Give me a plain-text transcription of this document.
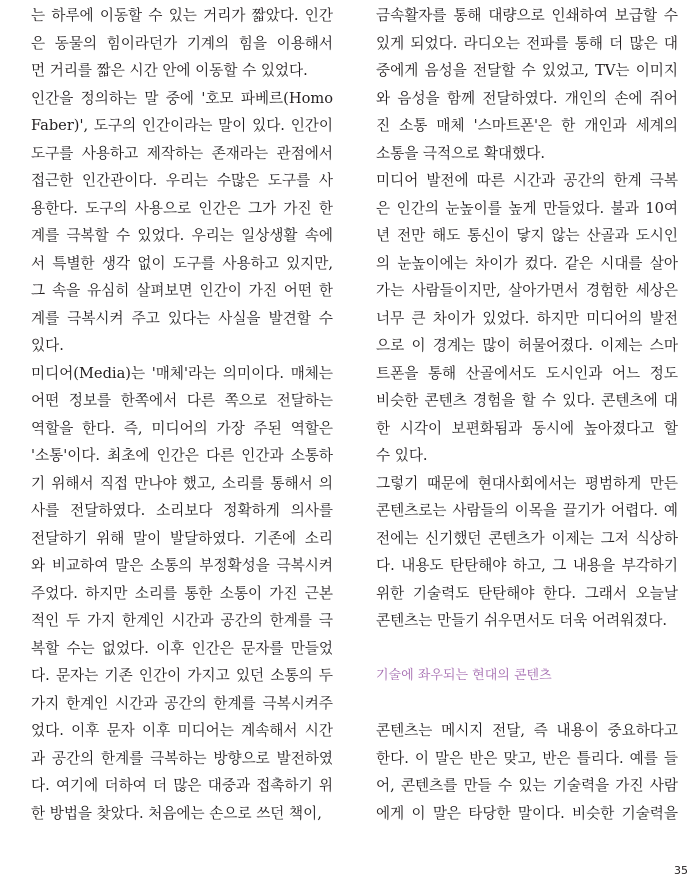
는 하루에 이동할 수 있는 거리가 짧았다. 인간
은 동물의 힘이라던가 기계의 힘을 이용해서
먼 거리를 짧은 시간 안에 이동할 수 있었다.
인간을 정의하는 말 중에 '호모 파베르(Homo
Faber)', 도구의 인간이라는 말이 있다. 인간이
도구를 사용하고 제작하는 존재라는 관점에서
접근한 인간관이다. 우리는 수많은 도구를 사
용한다. 도구의 사용으로 인간은 그가 가진 한
계를 극복할 수 있었다. 우리는 일상생활 속에
서 특별한 생각 없이 도구를 사용하고 있지만,
그 속을 유심히 살펴보면 인간이 가진 어떤 한
계를 극복시켜 주고 있다는 사실을 발견할 수
있다.
미디어(Media)는 '매체'라는 의미이다. 매체는
어떤 정보를 한쪽에서 다른 쪽으로 전달하는
역할을 한다. 즉, 미디어의 가장 주된 역할은
'소통'이다. 최초에 인간은 다른 인간과 소통하
기 위해서 직접 만나야 했고, 소리를 통해서 의
사를 전달하였다. 소리보다 정확하게 의사를
전달하기 위해 말이 발달하였다. 기존에 소리
와 비교하여 말은 소통의 부정확성을 극복시켜
주었다. 하지만 소리를 통한 소통이 가진 근본
적인 두 가지 한계인 시간과 공간의 한계를 극
복할 수는 없었다. 이후 인간은 문자를 만들었
다. 문자는 기존 인간이 가지고 있던 소통의 두
가지 한계인 시간과 공간의 한계를 극복시켜주
었다. 이후 문자 이후 미디어는 계속해서 시간
과 공간의 한계를 극복하는 방향으로 발전하였
다. 여기에 더하여 더 많은 대중과 접촉하기 위
한 방법을 찾았다. 처음에는 손으로 쓰던 책이,
금속활자를 통해 대량으로 인쇄하여 보급할 수
있게 되었다. 라디오는 전파를 통해 더 많은 대
중에게 음성을 전달할 수 있었고, TV는 이미지
와 음성을 함께 전달하였다. 개인의 손에 쥐어
진 소통 매체 '스마트폰'은 한 개인과 세계의
소통을 극적으로 확대했다.
미디어 발전에 따른 시간과 공간의 한계 극복
은 인간의 눈높이를 높게 만들었다. 불과 10여
년 전만 해도 통신이 닿지 않는 산골과 도시인
의 눈높이에는 차이가 컸다. 같은 시대를 살아
가는 사람들이지만, 살아가면서 경험한 세상은
너무 큰 차이가 있었다. 하지만 미디어의 발전
으로 이 경계는 많이 허물어졌다. 이제는 스마
트폰을 통해 산골에서도 도시인과 어느 정도
비슷한 콘텐츠 경험을 할 수 있다. 콘텐츠에 대
한 시각이 보편화됨과 동시에 높아졌다고 할
수 있다.
그렇기 때문에 현대사회에서는 평범하게 만든
콘텐츠로는 사람들의 이목을 끌기가 어렵다. 예
전에는 신기했던 콘텐츠가 이제는 그저 식상하
다. 내용도 탄탄해야 하고, 그 내용을 부각하기
위한 기술력도 탄탄해야 한다. 그래서 오늘날
콘텐츠는 만들기 쉬우면서도 더욱 어려워졌다.
기술에 좌우되는 현대의 콘텐츠
콘텐츠는 메시지 전달, 즉 내용이 중요하다고
한다. 이 말은 반은 맞고, 반은 틀리다. 예를 들
어, 콘텐츠를 만들 수 있는 기술력을 가진 사람
에게 이 말은 타당한 말이다. 비슷한 기술력을
35
